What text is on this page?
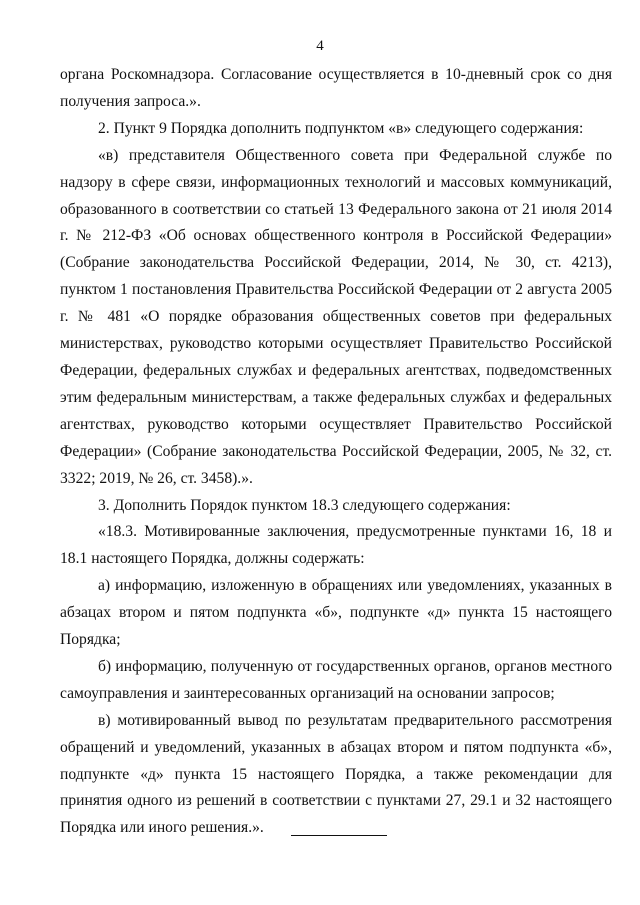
4

органа Роскомнадзора. Согласование осуществляется в 10-дневный срок со дня получения запроса.».

2. Пункт 9 Порядка дополнить подпунктом «в» следующего содержания:

«в) представителя Общественного совета при Федеральной службе по надзору в сфере связи, информационных технологий и массовых коммуникаций, образованного в соответствии со статьей 13 Федерального закона от 21 июля 2014 г. № 212-ФЗ «Об основах общественного контроля в Российской Федерации» (Собрание законодательства Российской Федерации, 2014, № 30, ст. 4213), пунктом 1 постановления Правительства Российской Федерации от 2 августа 2005 г. № 481 «О порядке образования общественных советов при федеральных министерствах, руководство которыми осуществляет Правительство Российской Федерации, федеральных службах и федеральных агентствах, подведомственных этим федеральным министерствам, а также федеральных службах и федеральных агентствах, руководство которыми осуществляет Правительство Российской Федерации» (Собрание законодательства Российской Федерации, 2005, № 32, ст. 3322; 2019, № 26, ст. 3458).».

3. Дополнить Порядок пунктом 18.3 следующего содержания:

«18.3. Мотивированные заключения, предусмотренные пунктами 16, 18 и 18.1 настоящего Порядка, должны содержать:

а) информацию, изложенную в обращениях или уведомлениях, указанных в абзацах втором и пятом подпункта «б», подпункте «д» пункта 15 настоящего Порядка;

б) информацию, полученную от государственных органов, органов местного самоуправления и заинтересованных организаций на основании запросов;

в) мотивированный вывод по результатам предварительного рассмотрения обращений и уведомлений, указанных в абзацах втором и пятом подпункта «б», подпункте «д» пункта 15 настоящего Порядка, а также рекомендации для принятия одного из решений в соответствии с пунктами 27, 29.1 и 32 настоящего Порядка или иного решения.».
